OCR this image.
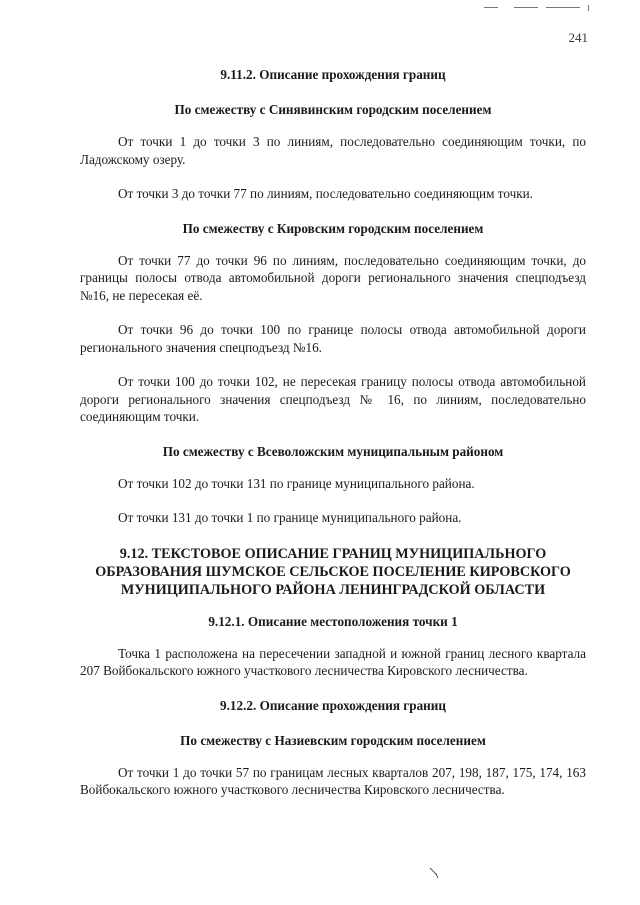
241
9.11.2. Описание прохождения границ
По смежеству с Синявинским городским поселением
От точки 1 до точки 3 по линиям, последовательно соединяющим точки, по Ладожскому озеру.
От точки 3 до точки 77 по линиям, последовательно соединяющим точки.
По смежеству с Кировским городским поселением
От точки 77 до точки 96 по линиям, последовательно соединяющим точки, до границы полосы отвода автомобильной дороги регионального значения спецподъезд №16, не пересекая её.
От точки 96 до точки 100 по границе полосы отвода автомобильной дороги регионального значения спецподъезд №16.
От точки 100 до точки 102, не пересекая границу полосы отвода автомобильной дороги регионального значения спецподъезд № 16, по линиям, последовательно соединяющим точки.
По смежеству с Всеволожским муниципальным районом
От точки 102 до точки 131 по границе муниципального района.
От точки 131 до точки 1 по границе муниципального района.
9.12. ТЕКСТОВОЕ ОПИСАНИЕ ГРАНИЦ МУНИЦИПАЛЬНОГО ОБРАЗОВАНИЯ ШУМСКОЕ СЕЛЬСКОЕ ПОСЕЛЕНИЕ КИРОВСКОГО МУНИЦИПАЛЬНОГО РАЙОНА ЛЕНИНГРАДСКОЙ ОБЛАСТИ
9.12.1. Описание местоположения точки 1
Точка 1 расположена на пересечении западной и южной границ лесного квартала 207 Войбокальского южного участкового лесничества Кировского лесничества.
9.12.2. Описание прохождения границ
По смежеству с Назиевским городским поселением
От точки 1 до точки 57 по границам лесных кварталов 207, 198, 187, 175, 174, 163 Войбокальского южного участкового лесничества Кировского лесничества.
